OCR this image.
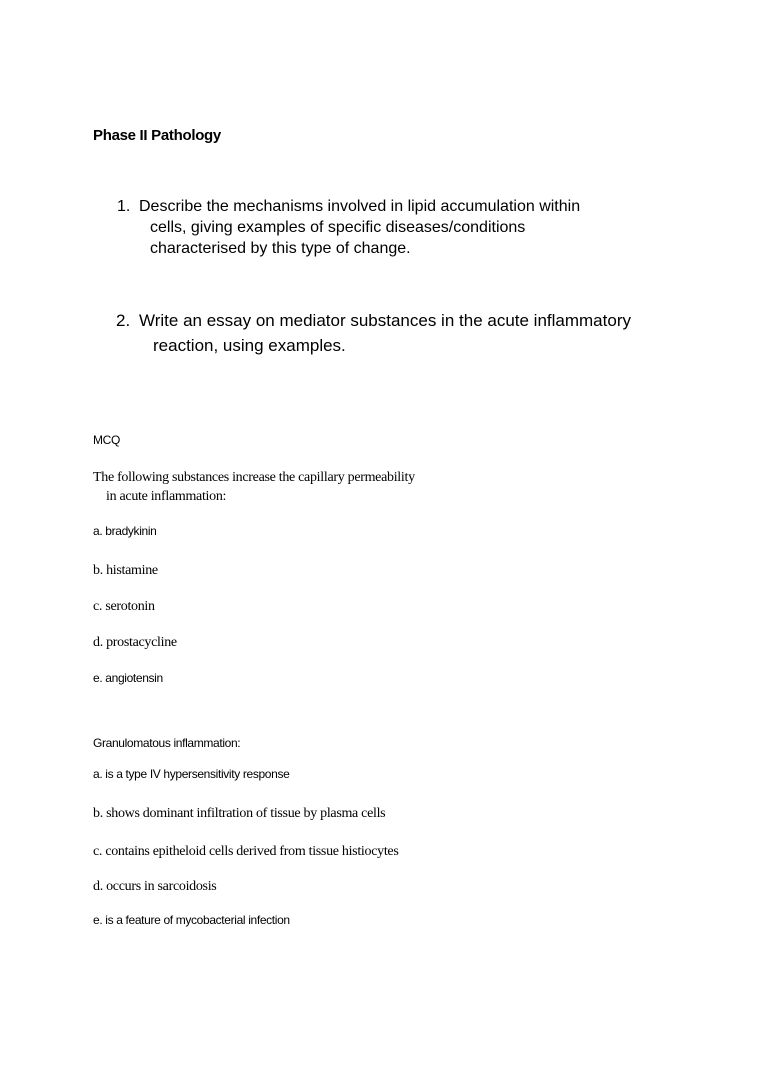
Phase II Pathology
1. Describe the mechanisms involved in lipid accumulation within
cells, giving examples of specific diseases/conditions
characterised by this type of change.
2. Write an essay on mediator substances in the acute inflammatory
reaction, using examples.
MCQ
The following substances increase the capillary permeability
in acute inflammation:
a. bradykinin
b. histamine
c. serotonin
d. prostacycline
e. angiotensin
Granulomatous inflammation:
a. is a type IV hypersensitivity response
b. shows dominant infiltration of tissue by plasma cells
c. contains epitheloid cells derived from tissue histiocytes
d. occurs in sarcoidosis
e. is a feature of mycobacterial infection
